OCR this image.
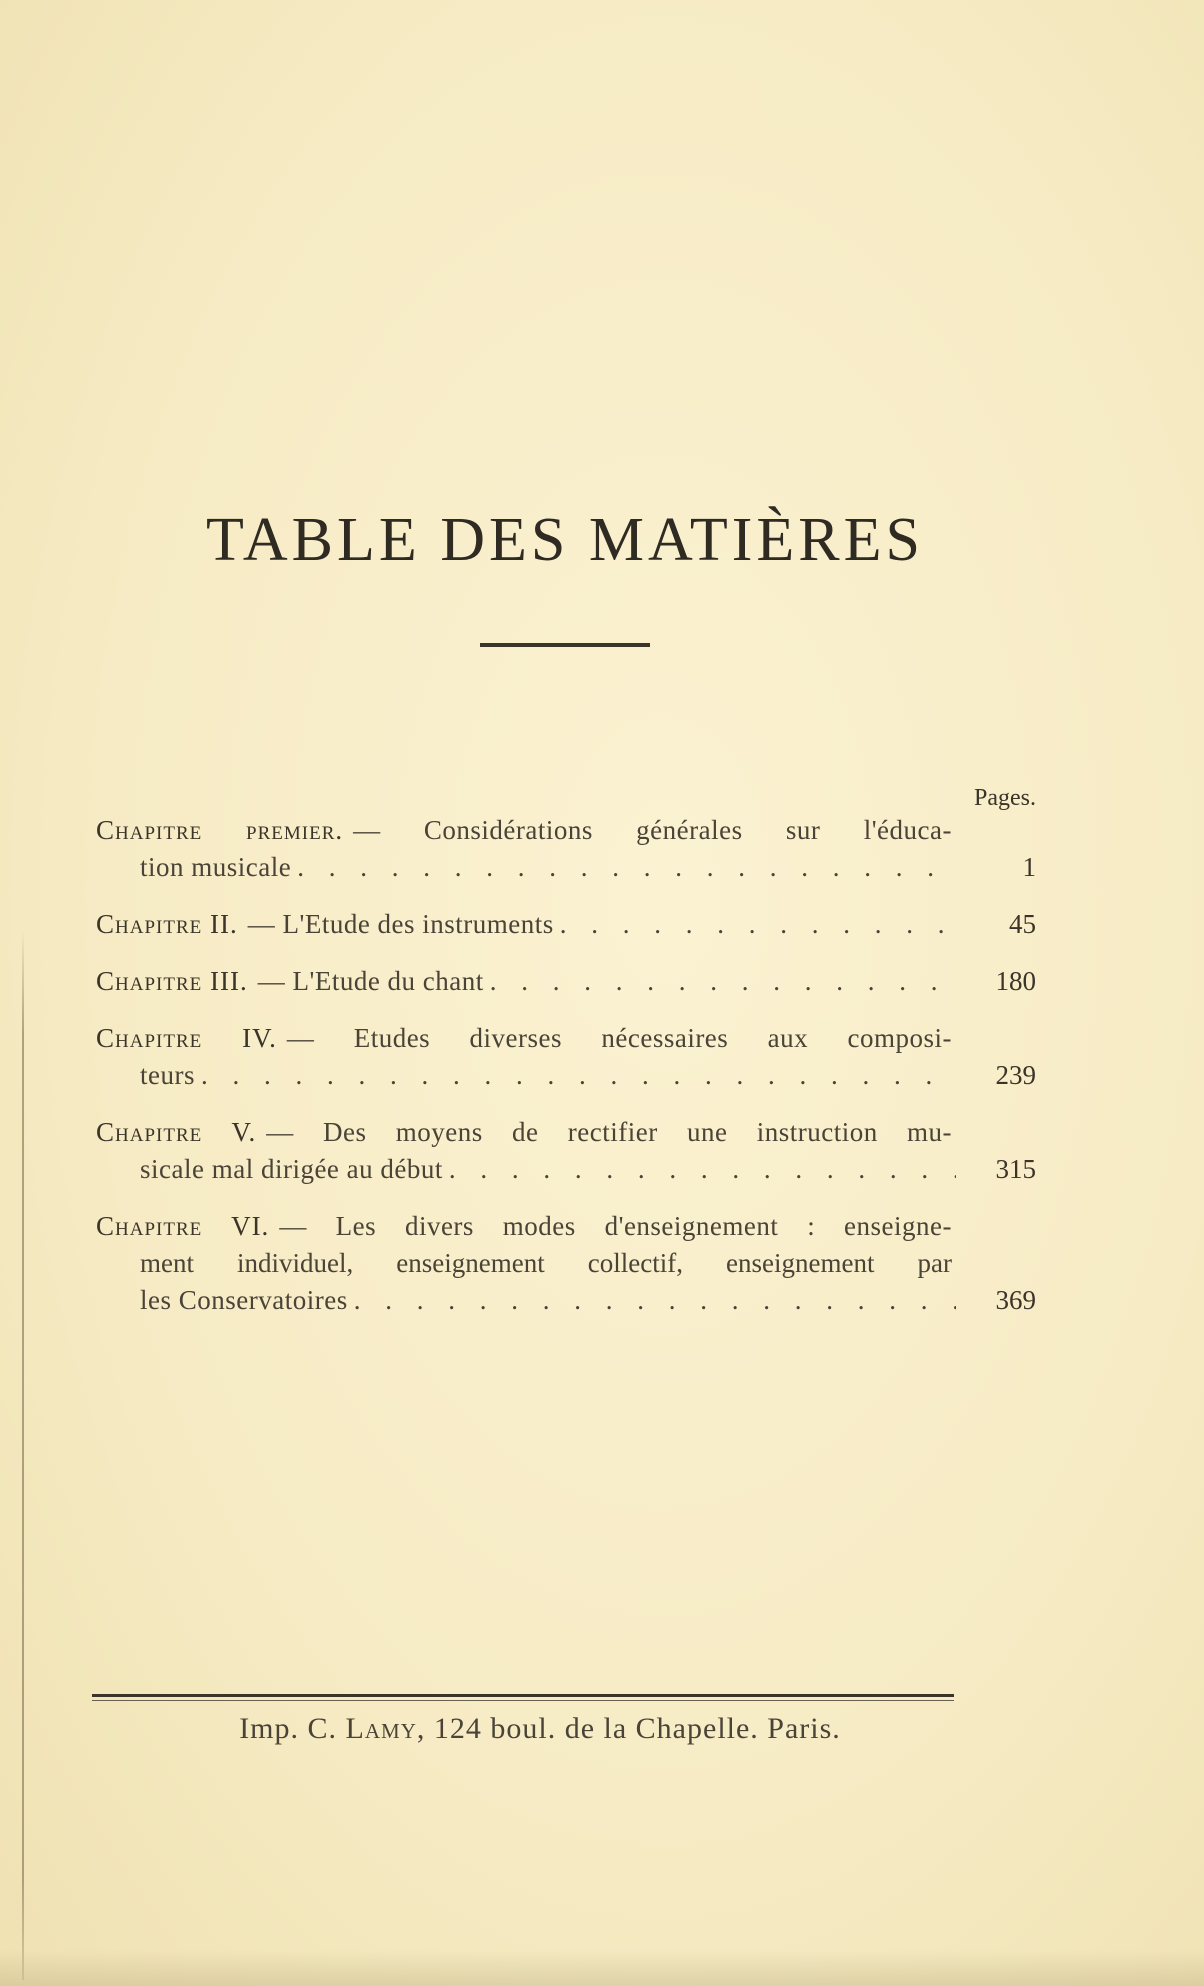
TABLE DES MATIÈRES
Pages.
Chapitre premier. — Considérations générales sur l'éduca-
tion musicale . . .	1
Chapitre II. — L'Etude des instruments . . .	45
Chapitre III. — L'Etude du chant . . .	180
Chapitre IV. — Etudes diverses nécessaires aux composi-
teurs . . .	239
Chapitre V. — Des moyens de rectifier une instruction mu-
sicale mal dirigée au début . . .	315
Chapitre VI. — Les divers modes d'enseignement : enseigne-
ment individuel, enseignement collectif, enseignement par
les Conservatoires . . .	369
Imp. C. Lamy, 124 boul. de la Chapelle. Paris.
